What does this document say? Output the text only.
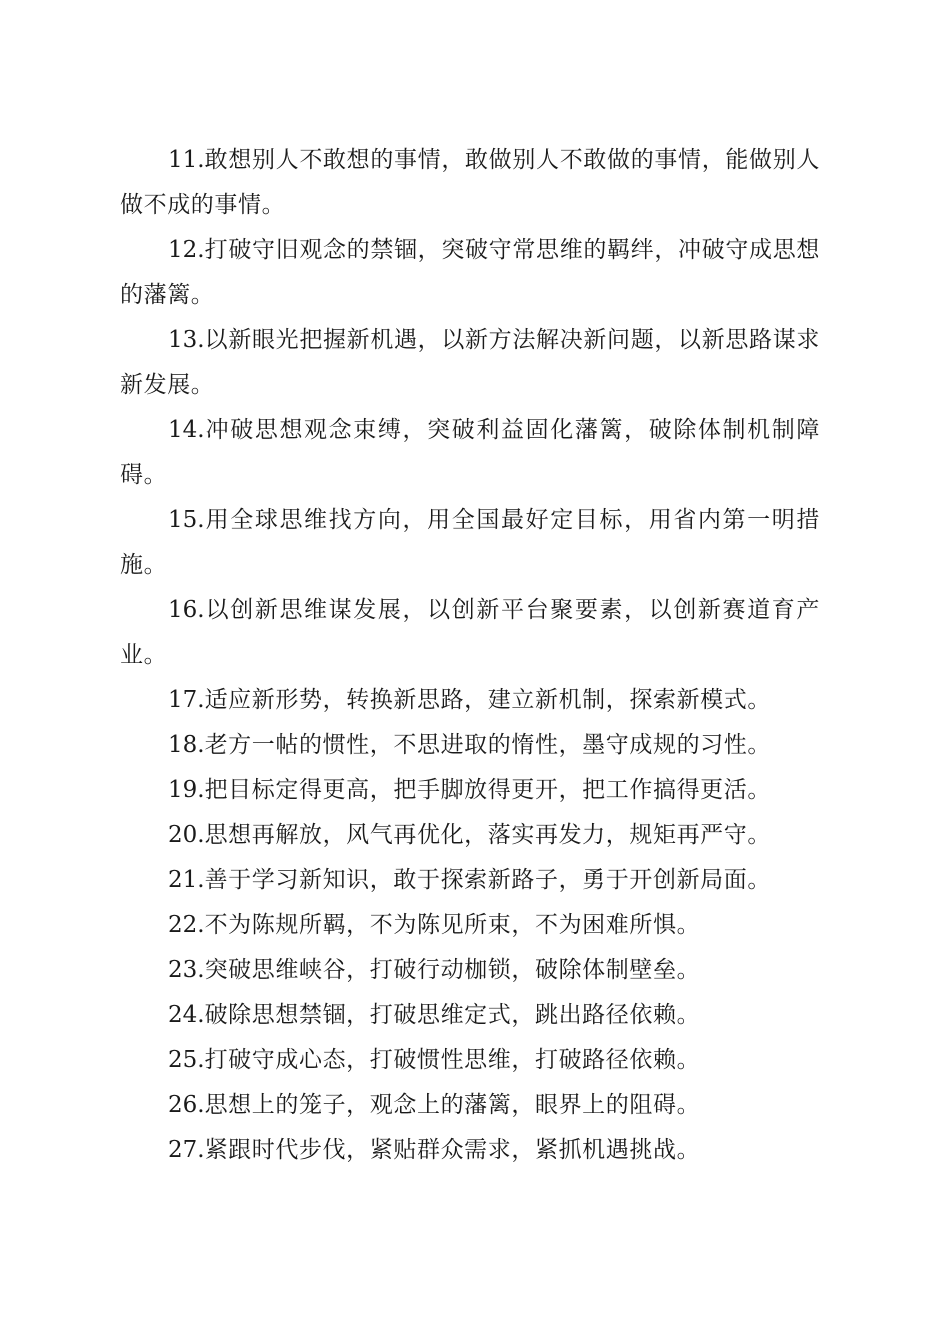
11.敢想别人不敢想的事情，敢做别人不敢做的事情，能做别人做不成的事情。

12.打破守旧观念的禁锢，突破守常思维的羁绊，冲破守成思想的藩篱。

13.以新眼光把握新机遇，以新方法解决新问题，以新思路谋求新发展。

14.冲破思想观念束缚，突破利益固化藩篱，破除体制机制障碍。

15.用全球思维找方向，用全国最好定目标，用省内第一明措施。

16.以创新思维谋发展，以创新平台聚要素，以创新赛道育产业。

17.适应新形势，转换新思路，建立新机制，探索新模式。

18.老方一帖的惯性，不思进取的惰性，墨守成规的习性。

19.把目标定得更高，把手脚放得更开，把工作搞得更活。

20.思想再解放，风气再优化，落实再发力，规矩再严守。

21.善于学习新知识，敢于探索新路子，勇于开创新局面。

22.不为陈规所羁，不为陈见所束，不为困难所惧。

23.突破思维峡谷，打破行动枷锁，破除体制壁垒。

24.破除思想禁锢，打破思维定式，跳出路径依赖。

25.打破守成心态，打破惯性思维，打破路径依赖。

26.思想上的笼子，观念上的藩篱，眼界上的阻碍。

27.紧跟时代步伐，紧贴群众需求，紧抓机遇挑战。
